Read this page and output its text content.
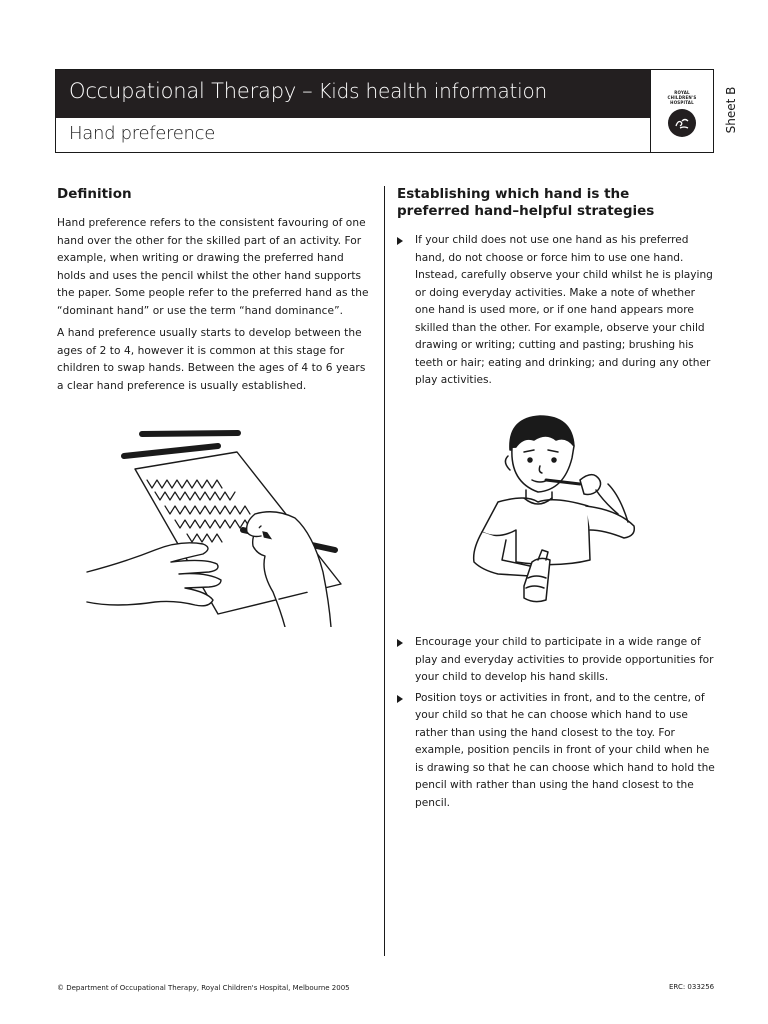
Occupational Therapy – Kids health information
Hand preference
ROYAL
CHILDREN'S
HOSPITAL	Sheet B
Definition

Hand preference refers to the consistent favouring of one hand over the other for the skilled part of an activity. For example, when writing or drawing the preferred hand holds and uses the pencil whilst the other hand supports the paper. Some people refer to the preferred hand as the “dominant hand” or use the term “hand dominance”.

A hand preference usually starts to develop between the ages of 2 to 4, however it is common at this stage for children to swap hands. Between the ages of 4 to 6 years a clear hand preference is usually established.

Establishing which hand is the
preferred hand–helpful strategies
If your child does not use one hand as his preferred hand, do not choose or force him to use one hand. Instead, carefully observe your child whilst he is playing or doing everyday activities. Make a note of whether one hand is used more, or if one hand appears more skilled than the other. For example, observe your child drawing or writing; cutting and pasting; brushing his teeth or hair; eating and drinking; and during any other play activities.
Encourage your child to participate in a wide range of play and everyday activities to provide opportunities for your child to develop his hand skills.
Position toys or activities in front, and to the centre, of your child so that he can choose which hand to use rather than using the hand closest to the toy. For example, position pencils in front of your child when he is drawing so that he can choose which hand to hold the pencil with rather than using the hand closest to the pencil.
© Department of Occupational Therapy, Royal Children's Hospital, Melbourne 2005	ERC: 033256
